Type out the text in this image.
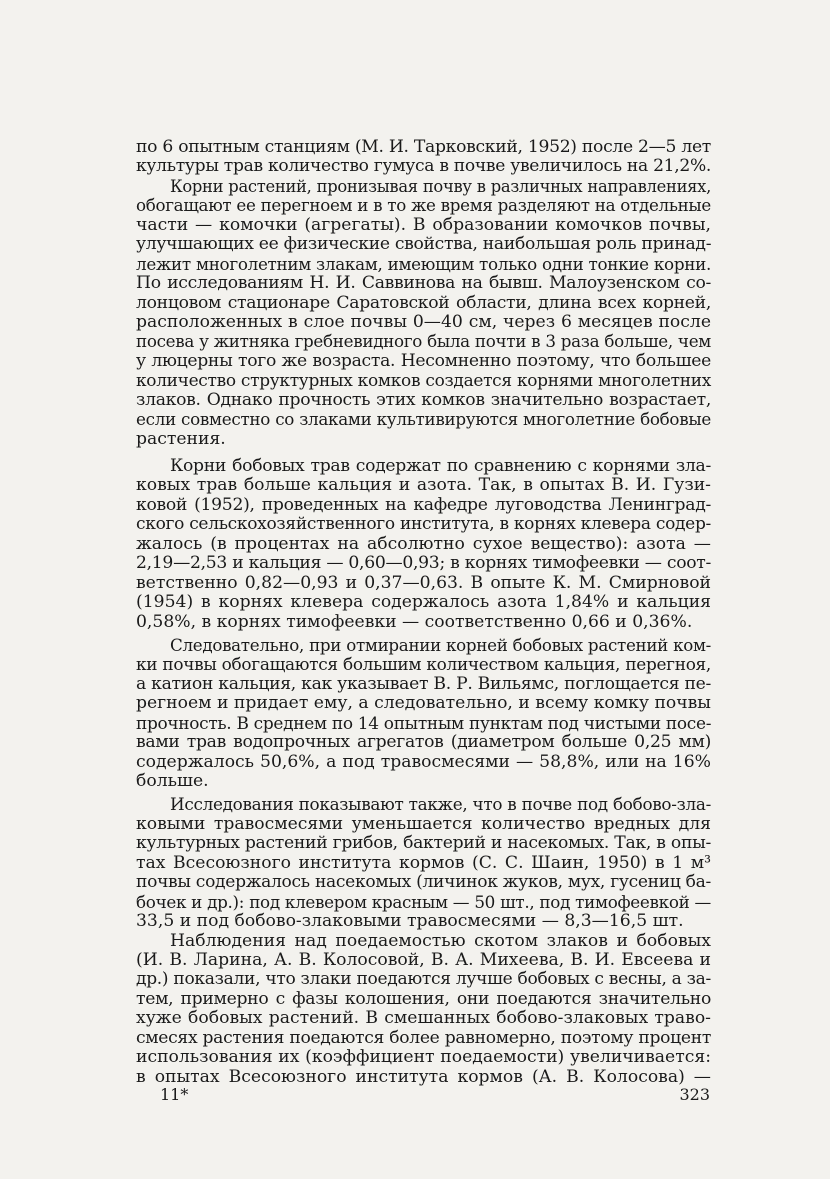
по 6 опытным станциям (М. И. Тарковский, 1952) после 2—5 лет
культуры трав количество гумуса в почве увеличилось на 21,2%.
Корни растений, пронизывая почву в различных направлениях,
обогащают ее перегноем и в то же время разделяют на отдельные
части — комочки (агрегаты). В образовании комочков почвы,
улучшающих ее физические свойства, наибольшая роль принад-
лежит многолетним злакам, имеющим только одни тонкие корни.
По исследованиям Н. И. Саввинова на бывш. Малоузенском со-
лонцовом стационаре Саратовской области, длина всех корней,
расположенных в слое почвы 0—40 см, через 6 месяцев после
посева у житняка гребневидного была почти в 3 раза больше, чем
у люцерны того же возраста. Несомненно поэтому, что большее
количество структурных комков создается корнями многолетних
злаков. Однако прочность этих комков значительно возрастает,
если совместно со злаками культивируются многолетние бобовые
растения.
Корни бобовых трав содержат по сравнению с корнями зла-
ковых трав больше кальция и азота. Так, в опытах В. И. Гузи-
ковой (1952), проведенных на кафедре луговодства Ленинград-
ского сельскохозяйственного института, в корнях клевера содер-
жалось (в процентах на абсолютно сухое вещество): азота —
2,19—2,53 и кальция — 0,60—0,93; в корнях тимофеевки — соот-
ветственно 0,82—0,93 и 0,37—0,63. В опыте К. М. Смирновой
(1954) в корнях клевера содержалось азота 1,84% и кальция
0,58%, в корнях тимофеевки — соответственно 0,66 и 0,36%.
Следовательно, при отмирании корней бобовых растений ком-
ки почвы обогащаются большим количеством кальция, перегноя,
а катион кальция, как указывает В. Р. Вильямс, поглощается пе-
регноем и придает ему, а следовательно, и всему комку почвы
прочность. В среднем по 14 опытным пунктам под чистыми посе-
вами трав водопрочных агрегатов (диаметром больше 0,25 мм)
содержалось 50,6%, а под травосмесями — 58,8%, или на 16%
больше.
Исследования показывают также, что в почве под бобово-зла-
ковыми травосмесями уменьшается количество вредных для
культурных растений грибов, бактерий и насекомых. Так, в опы-
тах Всесоюзного института кормов (С. С. Шаин, 1950) в 1 м³
почвы содержалось насекомых (личинок жуков, мух, гусениц ба-
бочек и др.): под клевером красным — 50 шт., под тимофеевкой —
33,5 и под бобово-злаковыми травосмесями — 8,3—16,5 шт.
Наблюдения над поедаемостью скотом злаков и бобовых
(И. В. Ларина, А. В. Колосовой, В. А. Михеева, В. И. Евсеева и
др.) показали, что злаки поедаются лучше бобовых с весны, а за-
тем, примерно с фазы колошения, они поедаются значительно
хуже бобовых растений. В смешанных бобово-злаковых траво-
смесях растения поедаются более равномерно, поэтому процент
использования их (коэффициент поедаемости) увеличивается:
в опытах Всесоюзного института кормов (А. В. Колосова) —
11*	323
